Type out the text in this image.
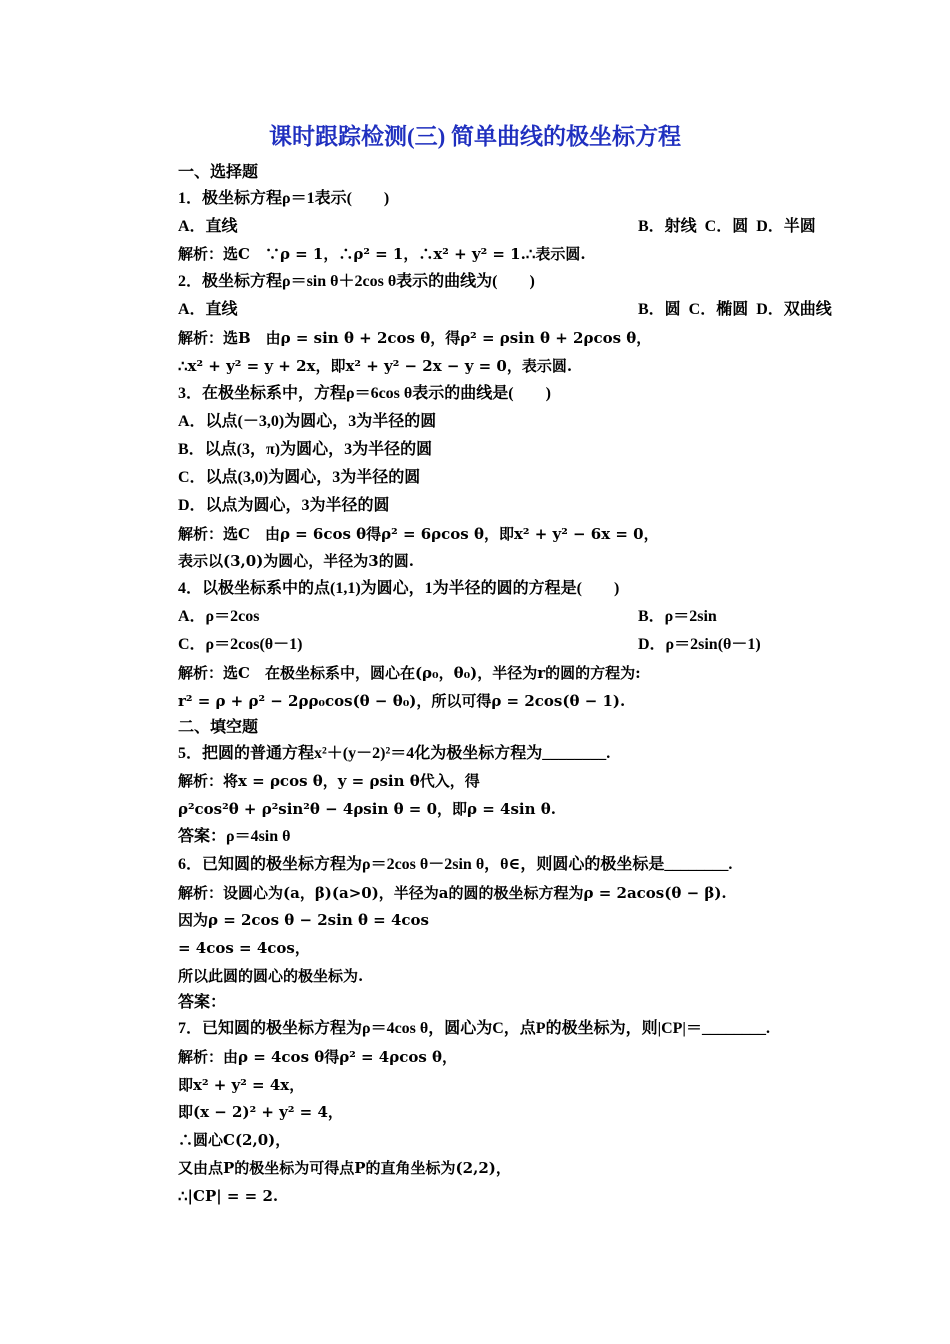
课时跟踪检测(三) 简单曲线的极坐标方程
一、选择题
1．极坐标方程ρ＝1表示(　　)
A．直线	B．射线  C．圆  D．半圆
解析：选C　∵ρ = 1，∴ρ² = 1，∴x² + y² = 1.∴表示圆.
2．极坐标方程ρ＝sin θ＋2cos θ表示的曲线为(　　)
A．直线	B．圆  C．椭圆  D．双曲线
解析：选B　由ρ = sin θ + 2cos θ，得ρ² = ρsin θ + 2ρcos θ，
∴x² + y² = y + 2x，即x² + y² − 2x − y = 0，表示圆.
3．在极坐标系中，方程ρ＝6cos θ表示的曲线是(　　)
A．以点(－3,0)为圆心，3为半径的圆
B．以点(3，π)为圆心，3为半径的圆
C．以点(3,0)为圆心，3为半径的圆
D．以点为圆心，3为半径的圆
解析：选C　由ρ = 6cos θ得ρ² = 6ρcos θ，即x² + y² − 6x = 0，
表示以(3,0)为圆心，半径为3的圆.
4．以极坐标系中的点(1,1)为圆心，1为半径的圆的方程是(　　)
A．ρ＝2cos	B．ρ＝2sin
C．ρ＝2cos(θ－1)	D．ρ＝2sin(θ－1)
解析：选C　在极坐标系中，圆心在(ρ₀，θ₀)，半径为r的圆的方程为:
r² = ρ + ρ² − 2ρρ₀cos(θ − θ₀)，所以可得ρ = 2cos(θ − 1).
二、填空题
5．把圆的普通方程x²＋(y－2)²＝4化为极坐标方程为________.
解析：将x = ρcos θ，y = ρsin θ代入，得
ρ²cos²θ + ρ²sin²θ − 4ρsin θ = 0，即ρ = 4sin θ.
答案：ρ＝4sin θ
6．已知圆的极坐标方程为ρ＝2cos θ－2sin θ，θ∈，则圆心的极坐标是________.
解析：设圆心为(a，β)(a>0)，半径为a的圆的极坐标方程为ρ = 2acos(θ − β).
因为ρ = 2cos θ − 2sin θ = 4cos
= 4cos = 4cos，
所以此圆的圆心的极坐标为.
答案：
7．已知圆的极坐标方程为ρ＝4cos θ，圆心为C，点P的极坐标为，则|CP|＝________.
解析：由ρ = 4cos θ得ρ² = 4ρcos θ，
即x² + y² = 4x，
即(x − 2)² + y² = 4，
∴圆心C(2,0)，
又由点P的极坐标为可得点P的直角坐标为(2,2)，
∴|CP| = = 2.
